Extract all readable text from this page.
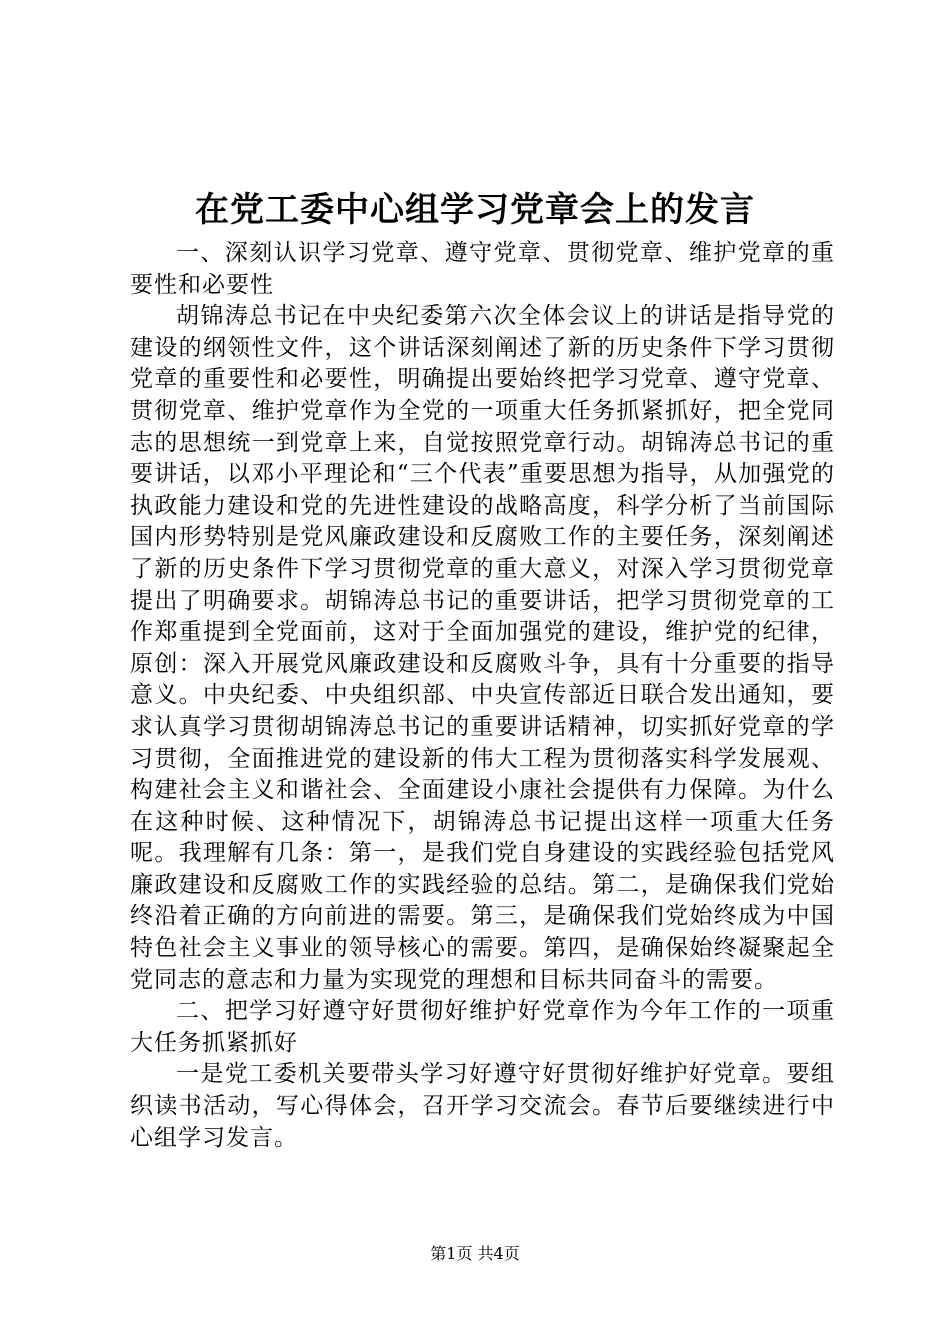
在党工委中心组学习党章会上的发言

一、深刻认识学习党章、遵守党章、贯彻党章、维护党章的重要性和必要性

胡锦涛总书记在中央纪委第六次全体会议上的讲话是指导党的建设的纲领性文件，这个讲话深刻阐述了新的历史条件下学习贯彻党章的重要性和必要性，明确提出要始终把学习党章、遵守党章、贯彻党章、维护党章作为全党的一项重大任务抓紧抓好，把全党同志的思想统一到党章上来，自觉按照党章行动。胡锦涛总书记的重要讲话，以邓小平理论和“三个代表”重要思想为指导，从加强党的执政能力建设和党的先进性建设的战略高度，科学分析了当前国际国内形势特别是党风廉政建设和反腐败工作的主要任务，深刻阐述了新的历史条件下学习贯彻党章的重大意义，对深入学习贯彻党章提出了明确要求。胡锦涛总书记的重要讲话，把学习贯彻党章的工作郑重提到全党面前，这对于全面加强党的建设，维护党的纪律，原创：深入开展党风廉政建设和反腐败斗争，具有十分重要的指导意义。中央纪委、中央组织部、中央宣传部近日联合发出通知，要求认真学习贯彻胡锦涛总书记的重要讲话精神，切实抓好党章的学习贯彻，全面推进党的建设新的伟大工程为贯彻落实科学发展观、构建社会主义和谐社会、全面建设小康社会提供有力保障。为什么在这种时候、这种情况下，胡锦涛总书记提出这样一项重大任务呢。我理解有几条：第一，是我们党自身建设的实践经验包括党风廉政建设和反腐败工作的实践经验的总结。第二，是确保我们党始终沿着正确的方向前进的需要。第三，是确保我们党始终成为中国特色社会主义事业的领导核心的需要。第四，是确保始终凝聚起全党同志的意志和力量为实现党的理想和目标共同奋斗的需要。

二、把学习好遵守好贯彻好维护好党章作为今年工作的一项重大任务抓紧抓好

一是党工委机关要带头学习好遵守好贯彻好维护好党章。要组织读书活动，写心得体会，召开学习交流会。春节后要继续进行中心组学习发言。

第1页 共4页
